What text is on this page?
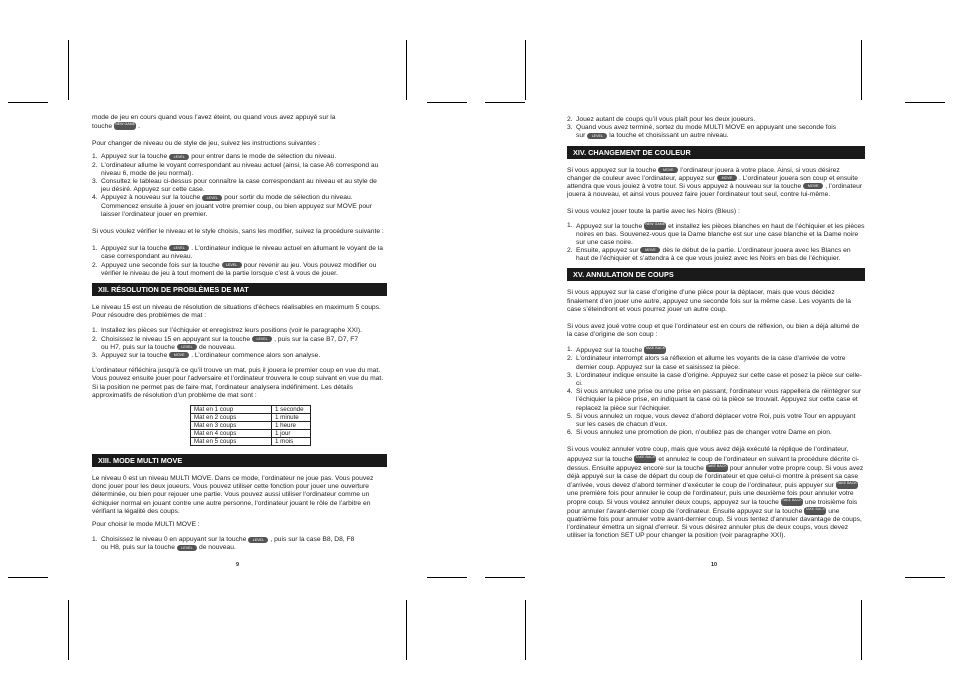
mode de jeu en cours quand vous l’avez éteint, ou quand vous avez appuyé sur la
touche NEW GAME .

Pour changer de niveau ou de style de jeu, suivez les instructions suivantes :

1. Appuyez sur la touche LEVEL pour entrer dans le mode de sélection du niveau.
2. L’ordinateur allume le voyant correspondant au niveau actuel (ainsi, la case A6 correspond au niveau 6, mode de jeu normal).
3. Consultez le tableau ci-dessus pour connaître la case correspondant au niveau et au style de jeu désiré. Appuyez sur cette case.
4. Appuyez à nouveau sur la touche LEVEL pour sortir du mode de sélection du niveau. Commencez ensuite à jouer en jouant votre premier coup, ou bien appuyez sur MOVE pour laisser l’ordinateur jouer en premier.

Si vous voulez vérifier le niveau et le style choisis, sans les modifier, suivez la procédure suivante :

1. Appuyez sur la touche LEVEL . L’ordinateur indique le niveau actuel en allumant le voyant de la case correspondant au niveau.
2. Appuyez une seconde fois sur la touche LEVEL pour revenir au jeu. Vous pouvez modifier ou vérifier le niveau de jeu à tout moment de la partie lorsque c’est à vous de jouer.
XII. RÉSOLUTION DE PROBLÈMES DE MAT

Le niveau 15 est un niveau de résolution de situations d’échecs réalisables en maximum 5 coups. Pour résoudre des problèmes de mat :

1. Installez les pièces sur l’échiquier et enregistrez leurs positions (voir le paragraphe XXI).
2. Choisissez le niveau 15 en appuyant sur la touche LEVEL , puis sur la case B7, D7, F7
ou H7, puis sur la touche LEVEL de nouveau.
3. Appuyez sur la touche MOVE . L’ordinateur commence alors son analyse.

L’ordinateur réfléchira jusqu’à ce qu’il trouve un mat, puis il jouera le premier coup en vue du mat. Vous pouvez ensuite jouer pour l’adversaire et l’ordinateur trouvera le coup suivant en vue du mat. Si la position ne permet pas de faire mat, l’ordinateur analysera indéfiniment. Les détails approximatifs de résolution d’un problème de mat sont :

Mat en 1 coup	1 seconde
Mat en 2 coups	1 minute
Mat en 3 coups	1 heure
Mat en 4 coups	1 jour
Mat en 5 coups	1 mois
XIII. MODE MULTI MOVE

Le niveau 0 est un niveau MULTI MOVE. Dans ce mode, l’ordinateur ne joue pas. Vous pouvez donc jouer pour les deux joueurs. Vous pouvez utiliser cette fonction pour jouer une ouverture déterminée, ou bien pour rejouer une partie. Vous pouvez aussi utiliser l’ordinateur comme un échiquier normal en jouant contre une autre personne, l’ordinateur jouant le rôle de l’arbitre en vérifiant la légalité des coups.

Pour choisir le mode MULTI MOVE :

1. Choisissez le niveau 0 en appuyant sur la touche LEVEL , puis sur la case B8, D8, F8
ou H8, puis sur la touche LEVEL de nouveau.
9
2. Jouez autant de coups qu’il vous plaît pour les deux joueurs.
3. Quand vous avez terminé, sortez du mode MULTI MOVE en appuyant une seconde fois
sur LEVEL la touche et choisissant un autre niveau.
XIV. CHANGEMENT DE COULEUR

Si vous appuyez sur la touche MOVE l’ordinateur jouera à votre place. Ainsi, si vous désirez changer de couleur avec l’ordinateur, appuyez sur MOVE . L’ordinateur jouera son coup et ensuite attendra que vous jouiez à votre tour. Si vous appuyez à nouveau sur la touche MOVE , l’ordinateur jouera à nouveau, et ainsi vous pouvez faire jouer l’ordinateur tout seul, contre lui-même.

Si vous voulez jouer toute la partie avec les Noirs (Bleus) :

1. Appuyez sur la touche NEW GAME et installez les pièces blanches en haut de l’échiquier et les pièces noires en bas. Souvenez-vous que la Dame blanche est sur une case blanche et la Dame noire sur une case noire.
2. Ensuite, appuyez sur MOVE dès le début de la partie. L’ordinateur jouera avec les Blancs en haut de l’échiquier et s’attendra à ce que vous jouiez avec les Noirs en bas de l’échiquier.
XV. ANNULATION DE COUPS

Si vous appuyez sur la case d’origine d’une pièce pour la déplacer, mais que vous décidez finalement d’en jouer une autre, appuyez une seconde fois sur la même case. Les voyants de la case s’éteindront et vous pourrez jouer un autre coup.

Si vous avez joué votre coup et que l’ordinateur est en cours de réflexion, ou bien a déjà allumé de la case d’origine de son coup :

1. Appuyez sur la touche TAKE BACK
2. L’ordinateur interrompt alors sa réflexion et allume les voyants de la case d’arrivée de votre dernier coup. Appuyez sur la case et saisissez la pièce.
3. L’ordinateur indique ensuite la case d’origine. Appuyez sur cette case et posez la pièce sur celle-ci.
4. Si vous annulez une prise ou une prise en passant, l’ordinateur vous rappellera de réintégrer sur l’échiquier la pièce prise, en indiquant la case où la pièce se trouvait. Appuyez sur cette case et replacez la pièce sur l’échiquier.
5. Si vous annulez un roque, vous devez d’abord déplacer votre Roi, puis votre Tour en appuyant sur les cases de chacun d’eux.
6. Si vous annulez une promotion de pion, n’oubliez pas de changer votre Dame en pion.

Si vous voulez annuler votre coup, mais que vous avez déjà exécuté la réplique de l’ordinateur, appuyez sur la touche TAKE BACK et annulez le coup de l’ordinateur en suivant la procédure décrite ci-dessus. Ensuite appuyez encore sur la touche TAKE BACK pour annuler votre propre coup. Si vous avez déjà appuyé sur la case de départ du coup de l’ordinateur et que celui-ci montre à présent sa case d’arrivée, vous devez d’abord terminer d’exécuter le coup de l’ordinateur, puis appuyer sur TAKE BACKune première fois pour annuler le coup de l’ordinateur, puis une deuxième fois pour annuler votre propre coup. Si vous voulez annuler deux coups, appuyez sur la touche TAKE BACK une troisième fois pour annuler l’avant-dernier coup de l’ordinateur. Ensuite appuyez sur la touche TAKE BACK une quatrième fois pour annuler votre avant-dernier coup. Si vous tentez d’annuler davantage de coups, l’ordinateur émettra un signal d’erreur. Si vous désirez annuler plus de deux coups, vous devez utiliser la fonction SET UP pour changer la position (voir paragraphe XXI).

10
